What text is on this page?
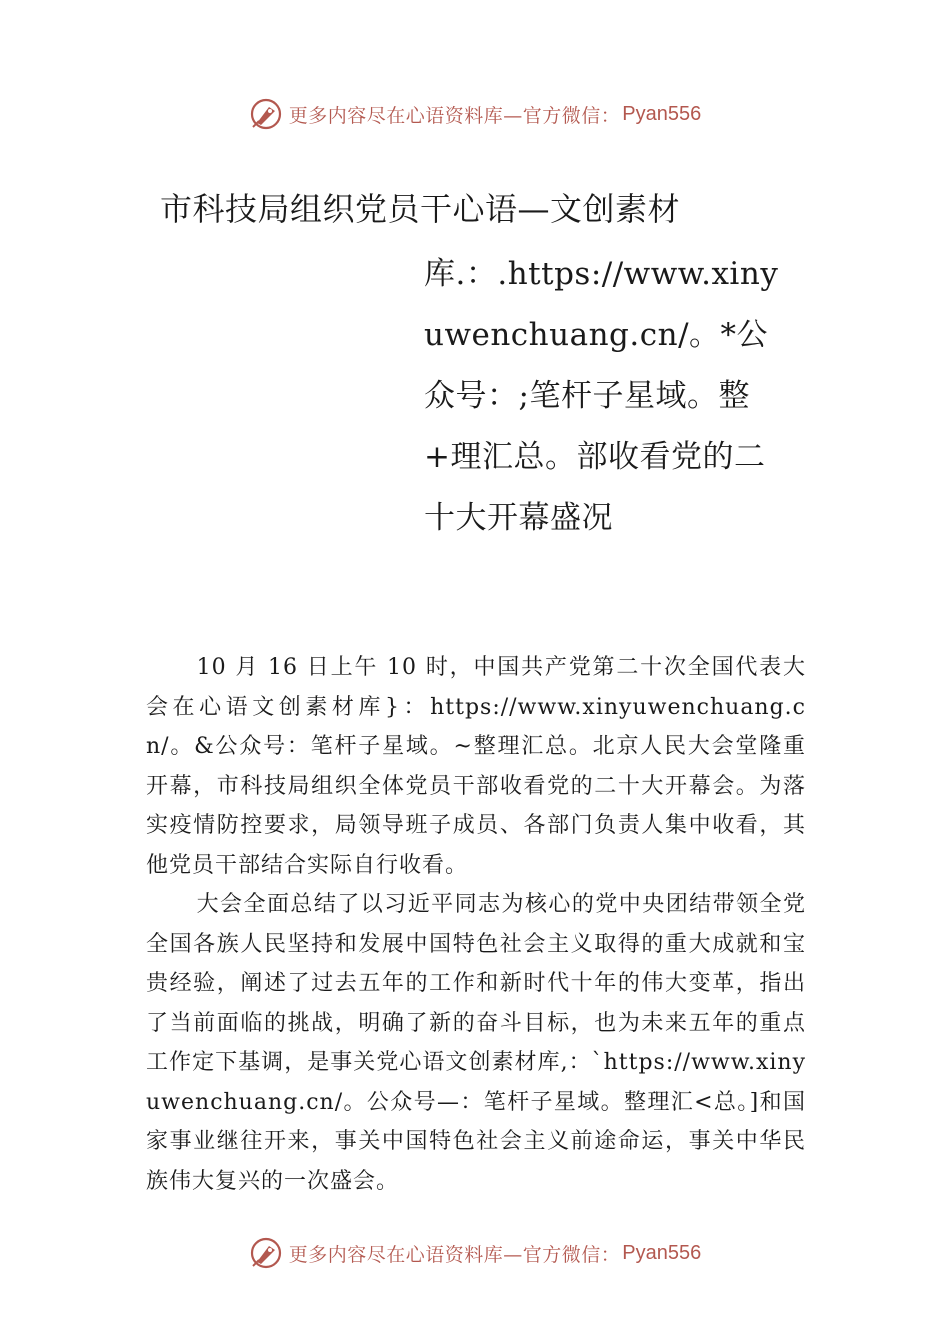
更多内容尽在心语资料库—官方微信： Pyan556
市科技局组织党员干心语—文创素材
库.：.https://www.xinyuwenchuang.cn/。*公众号：;笔杆子星域。整+理汇总。部收看党的二十大开幕盛况

10 月 16 日上午 10 时，中国共产党第二十次全国代表大会在心语文创素材库}：https://www.xinyuwenchuang.cn/。&公众号：笔杆子星域。~整理汇总。北京人民大会堂隆重开幕，市科技局组织全体党员干部收看党的二十大开幕会。为落实疫情防控要求，局领导班子成员、各部门负责人集中收看，其他党员干部结合实际自行收看。

大会全面总结了以习近平同志为核心的党中央团结带领全党全国各族人民坚持和发展中国特色社会主义取得的重大成就和宝贵经验，阐述了过去五年的工作和新时代十年的伟大变革，指出了当前面临的挑战，明确了新的奋斗目标，也为未来五年的重点工作定下基调，是事关党心语文创素材库,：`https://www.xinyuwenchuang.cn/。公众号—：笔杆子星域。整理汇<总。]和国家事业继往开来，事关中国特色社会主义前途命运，事关中华民族伟大复兴的一次盛会。

更多内容尽在心语资料库—官方微信： Pyan556
